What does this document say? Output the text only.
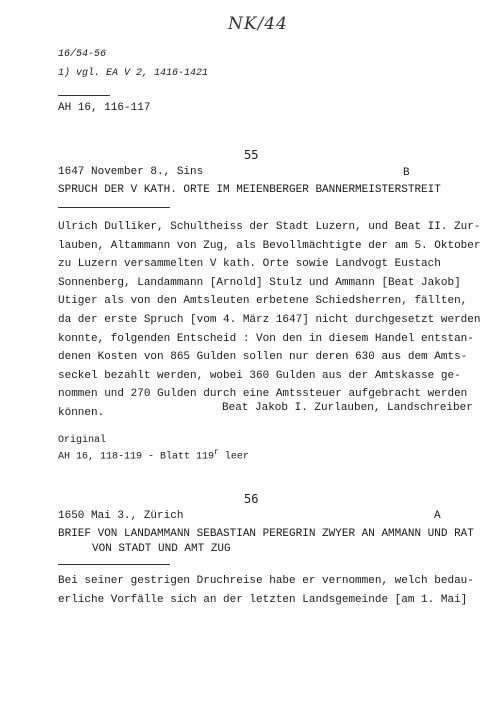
NK/44
16/54-56
1) vgl. EA V 2, 1416-1421
AH 16, 116-117
55
1647 November 8., Sins	B
SPRUCH DER V KATH. ORTE IM MEIENBERGER BANNERMEISTERSTREIT
Ulrich Dulliker, Schultheiss der Stadt Luzern, und Beat II. Zur-
lauben, Altammann von Zug, als Bevollmächtigte der am 5. Oktober
zu Luzern versammelten V kath. Orte sowie Landvogt Eustach
Sonnenberg, Landammann [Arnold] Stulz und Ammann [Beat Jakob]
Utiger als von den Amtsleuten erbetene Schiedsherren, fällten,
da der erste Spruch [vom 4. März 1647] nicht durchgesetzt werden
konnte, folgenden Entscheid : Von den in diesem Handel entstan-
denen Kosten von 865 Gulden sollen nur deren 630 aus dem Amts-
seckel bezahlt werden, wobei 360 Gulden aus der Amtskasse ge-
nommen und 270 Gulden durch eine Amtssteuer aufgebracht werden
können.	Beat Jakob I. Zurlauben, Landschreiber
Original
AH 16, 118-119 - Blatt 119$^r$ leer
56
1650 Mai 3., Zürich	A
BRIEF VON LANDAMMANN SEBASTIAN PEREGRIN ZWYER AN AMMANN UND RAT
VON STADT UND AMT ZUG
Bei seiner gestrigen Druchreise habe er vernommen, welch bedau-
erliche Vorfälle sich an der letzten Landsgemeinde [am 1. Mai]
